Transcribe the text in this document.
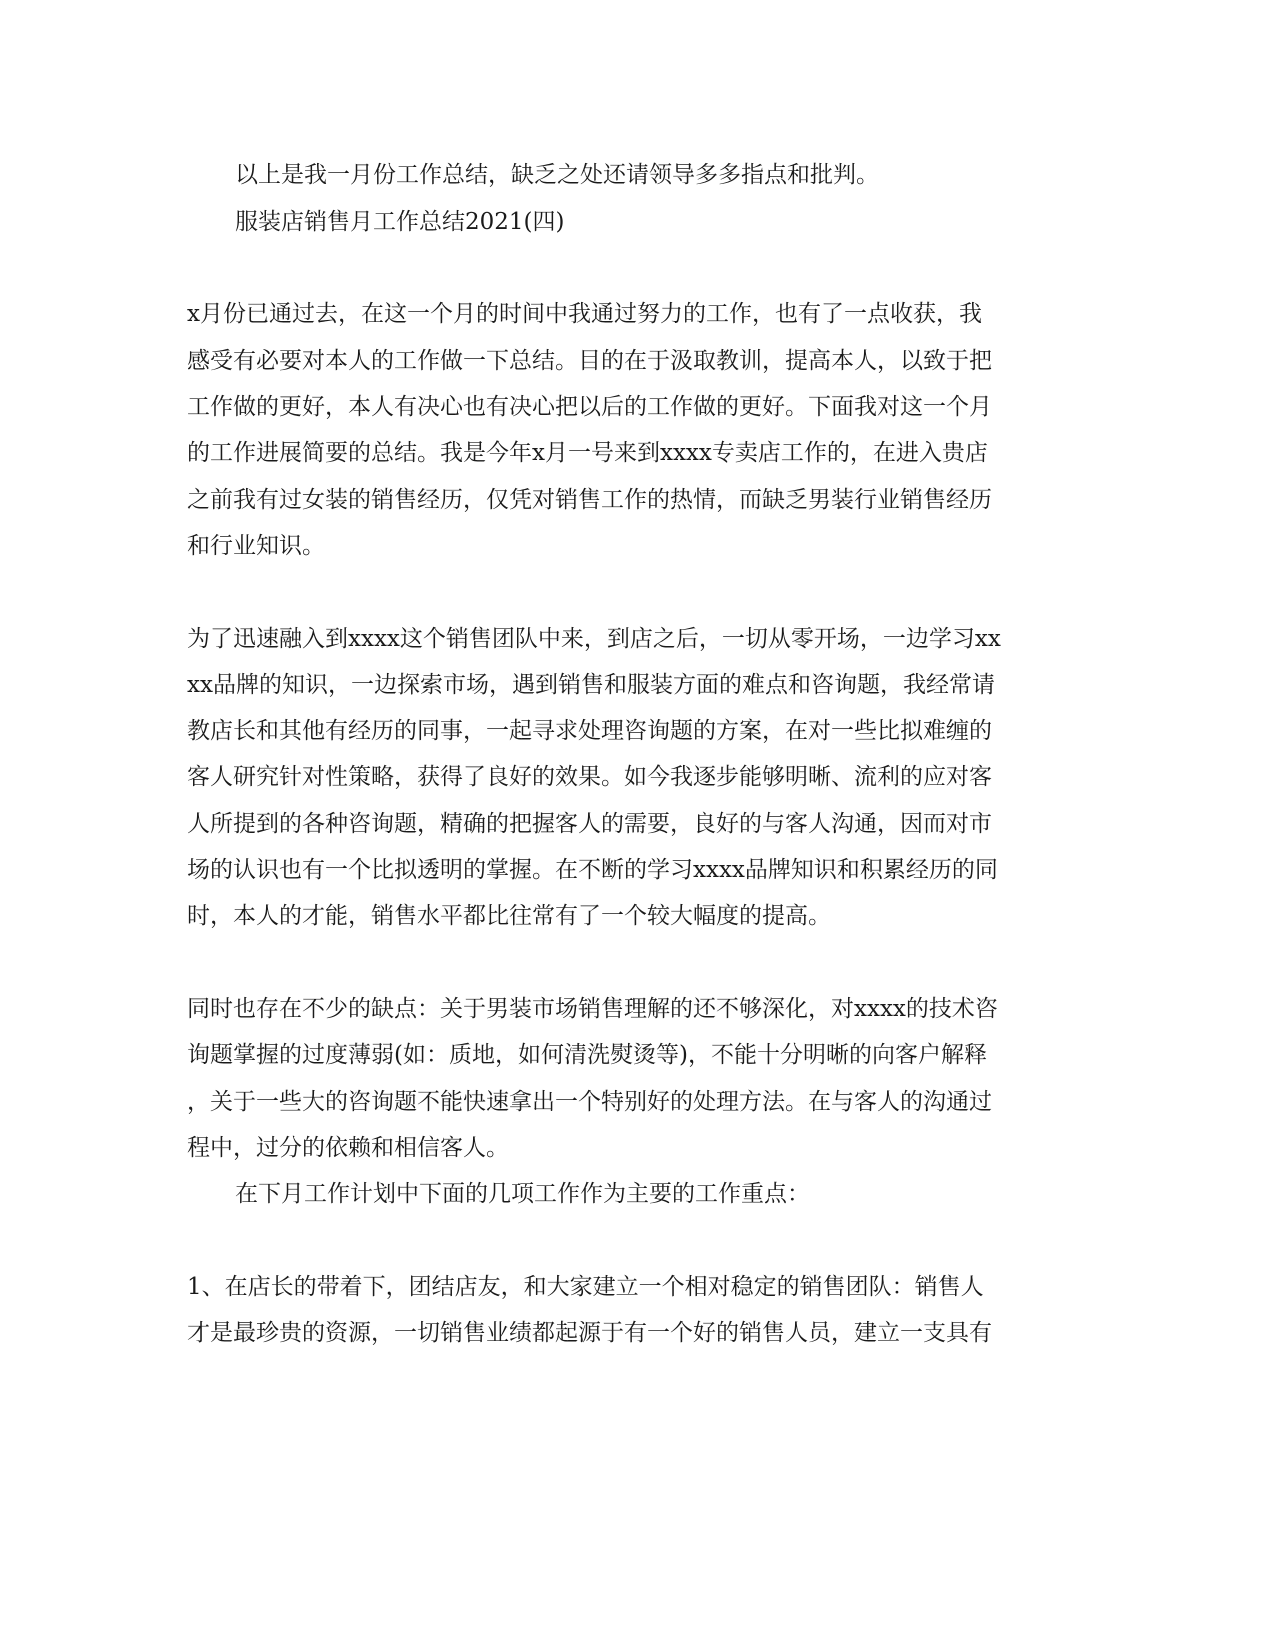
以上是我一月份工作总结，缺乏之处还请领导多多指点和批判。
服装店销售月工作总结2021(四)
x月份已通过去，在这一个月的时间中我通过努力的工作，也有了一点收获，我
感受有必要对本人的工作做一下总结。目的在于汲取教训，提高本人，以致于把
工作做的更好，本人有决心也有决心把以后的工作做的更好。下面我对这一个月
的工作进展简要的总结。我是今年x月一号来到xxxx专卖店工作的，在进入贵店
之前我有过女装的销售经历，仅凭对销售工作的热情，而缺乏男装行业销售经历
和行业知识。
为了迅速融入到xxxx这个销售团队中来，到店之后，一切从零开场，一边学习xx
xx品牌的知识，一边探索市场，遇到销售和服装方面的难点和咨询题，我经常请
教店长和其他有经历的同事，一起寻求处理咨询题的方案，在对一些比拟难缠的
客人研究针对性策略，获得了良好的效果。如今我逐步能够明晰、流利的应对客
人所提到的各种咨询题，精确的把握客人的需要，良好的与客人沟通，因而对市
场的认识也有一个比拟透明的掌握。在不断的学习xxxx品牌知识和积累经历的同
时，本人的才能，销售水平都比往常有了一个较大幅度的提高。
同时也存在不少的缺点：关于男装市场销售理解的还不够深化，对xxxx的技术咨
询题掌握的过度薄弱(如：质地，如何清洗熨烫等)，不能十分明晰的向客户解释
，关于一些大的咨询题不能快速拿出一个特别好的处理方法。在与客人的沟通过
程中，过分的依赖和相信客人。
在下月工作计划中下面的几项工作作为主要的工作重点：
1、在店长的带着下，团结店友，和大家建立一个相对稳定的销售团队：销售人
才是最珍贵的资源，一切销售业绩都起源于有一个好的销售人员，建立一支具有
